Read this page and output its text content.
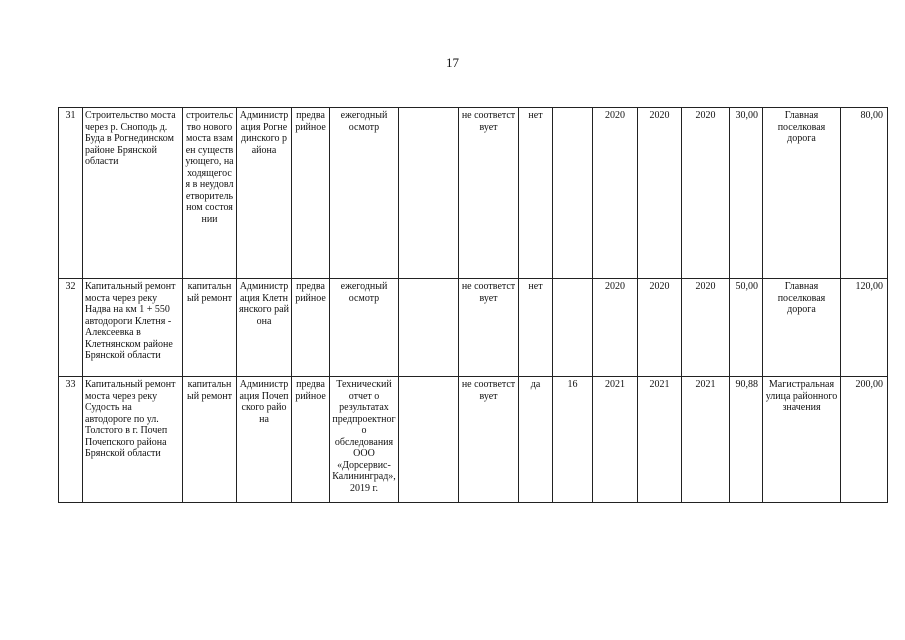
17
31	Строительство моста через р. Сноподь д. Буда в Рогнединском районе Брянской области	строительство нового моста взамен существующего, находящегося в неудовлетворительном состоянии	Администрация Рогнединского района	предварийное	ежегодный осмотр		не соответствует	нет		2020	2020	2020	30,00	Главная поселковая дорога	80,00
32	Капитальный ремонт моста через реку Надва на км 1 + 550 автодороги Клетня - Алексеевка в Клетнянском районе Брянской области	капитальный ремонт	Администрация Клетнянского района	предварийное	ежегодный осмотр		не соответствует	нет		2020	2020	2020	50,00	Главная поселковая дорога	120,00
33	Капитальный ремонт моста через реку Судость на автодороге по ул. Толстого в г. Почеп Почепского района Брянской области	капитальный ремонт	Администрация Почепского района	предварийное	Технический отчет о результатах предпроектного обследования ООО «Дорсервис-Калининград», 2019 г.		не соответствует	да	16	2021	2021	2021	90,88	Магистральная улица районного значения	200,00
